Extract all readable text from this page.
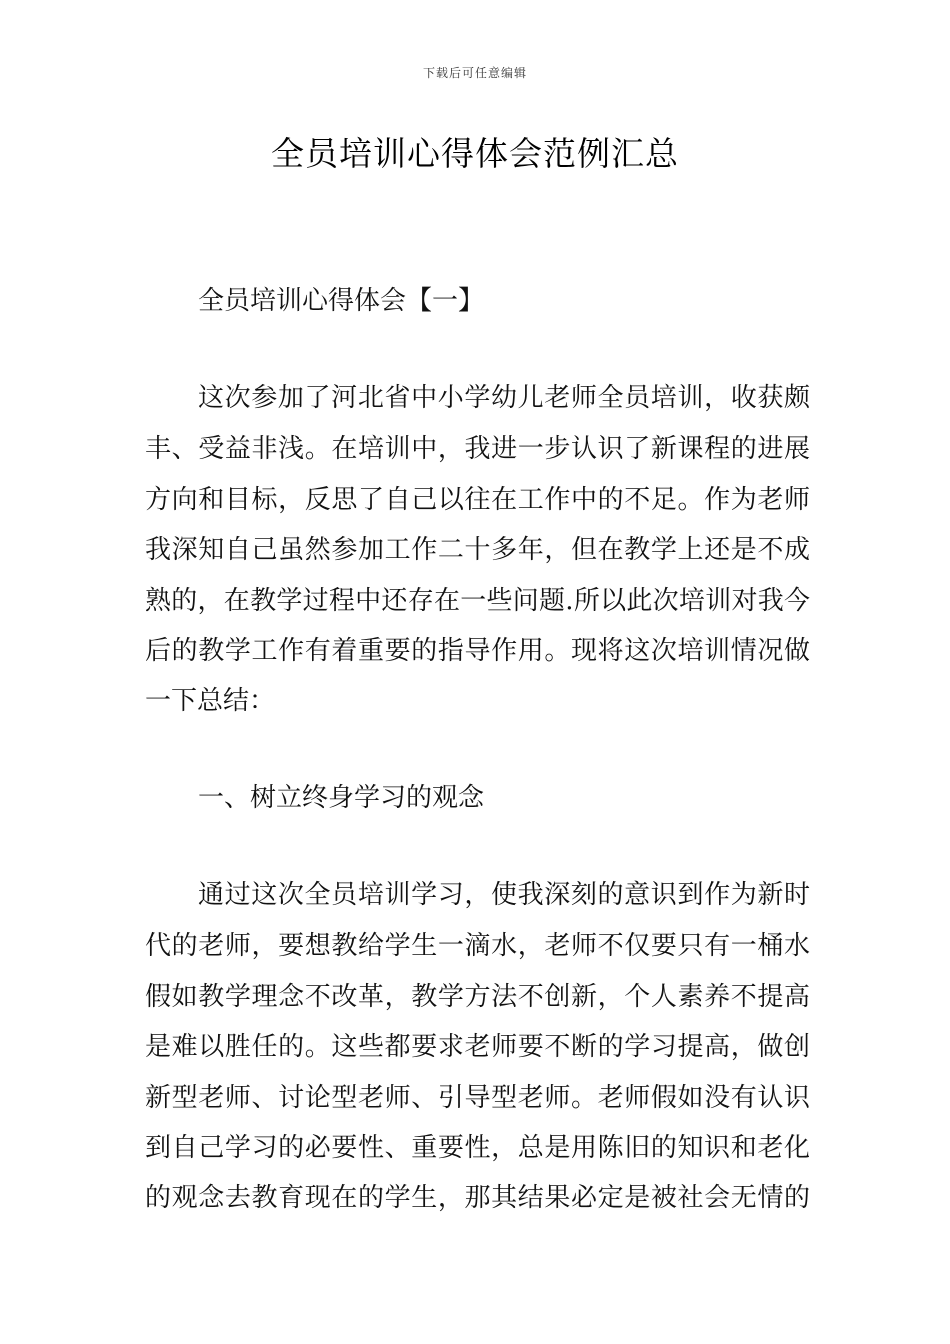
下载后可任意编辑
全员培训心得体会范例汇总
全员培训心得体会【一】
这次参加了河北省中小学幼儿老师全员培训，收获颇
丰、受益非浅。在培训中，我进一步认识了新课程的进展
方向和目标，反思了自己以往在工作中的不足。作为老师
我深知自己虽然参加工作二十多年，但在教学上还是不成
熟的，在教学过程中还存在一些问题.所以此次培训对我今
后的教学工作有着重要的指导作用。现将这次培训情况做
一下总结：
一、树立终身学习的观念
通过这次全员培训学习，使我深刻的意识到作为新时
代的老师，要想教给学生一滴水，老师不仅要只有一桶水
假如教学理念不改革，教学方法不创新，个人素养不提高
是难以胜任的。这些都要求老师要不断的学习提高，做创
新型老师、讨论型老师、引导型老师。老师假如没有认识
到自己学习的必要性、重要性，总是用陈旧的知识和老化
的观念去教育现在的学生，那其结果必定是被社会无情的
